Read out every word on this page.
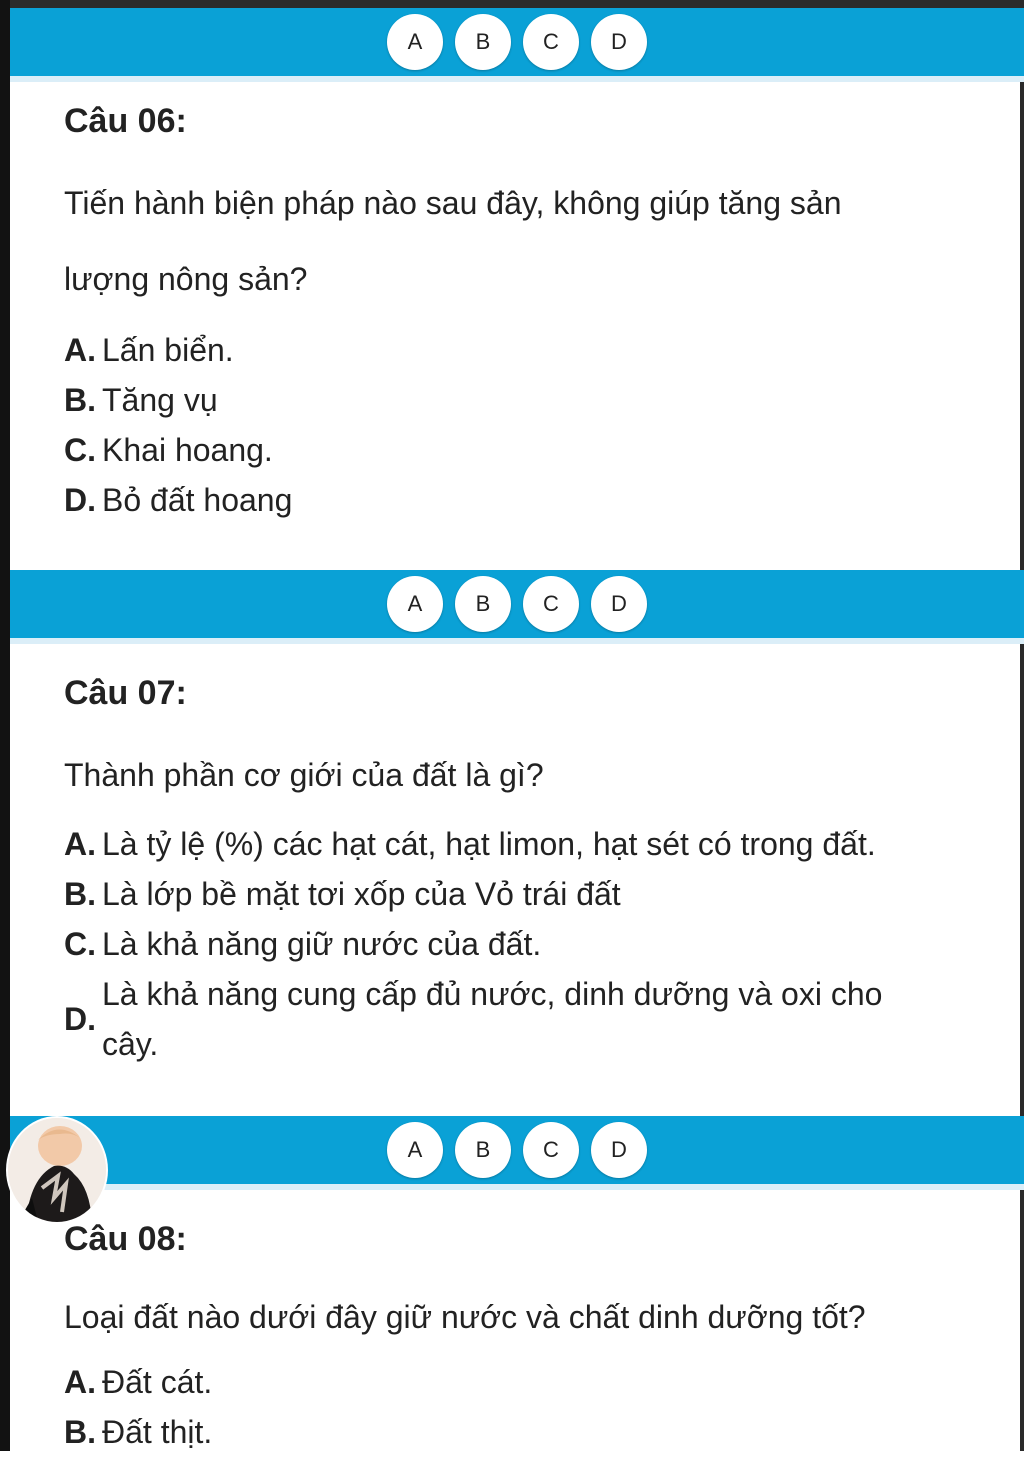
A	B	C	D

Câu 06:

Tiến hành biện pháp nào sau đây, không giúp tăng sản

lượng nông sản?

A. Lấn biển.
B. Tăng vụ
C. Khai hoang.
D. Bỏ đất hoang
A	B	C	D

Câu 07:

Thành phần cơ giới của đất là gì?

A. Là tỷ lệ (%) các hạt cát, hạt limon, hạt sét có trong đất.
B. Là lớp bề mặt tơi xốp của Vỏ trái đất
C. Là khả năng giữ nước của đất.
D.
Là khả năng cung cấp đủ nước, dinh dưỡng và oxi cho
cây.
A	B	C	D

Câu 08:

Loại đất nào dưới đây giữ nước và chất dinh dưỡng tốt?

A. Đất cát.
B. Đất thịt.
